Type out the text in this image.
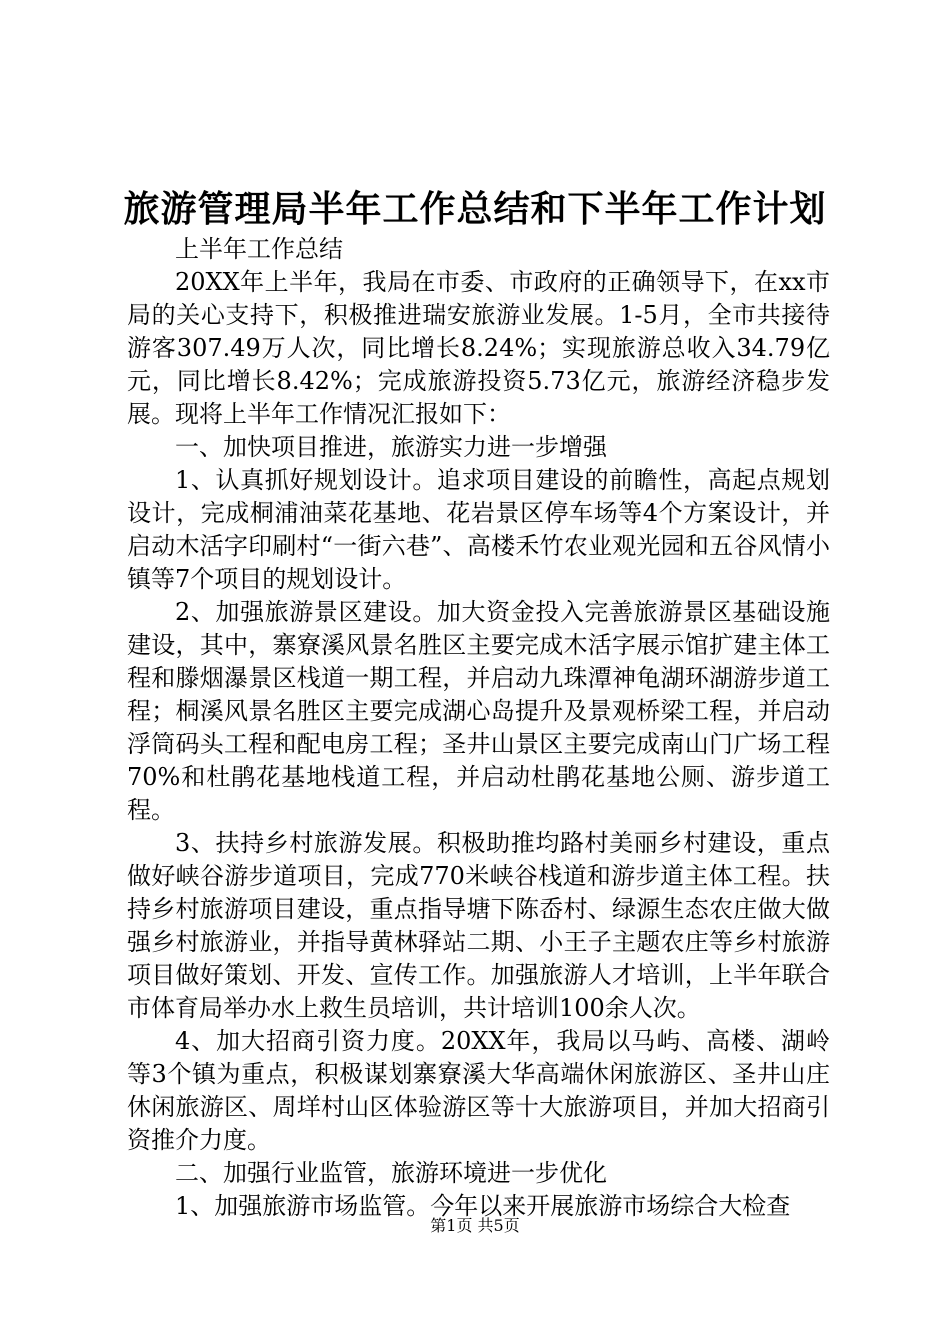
旅游管理局半年工作总结和下半年工作计划

上半年工作总结

20XX年上半年，我局在市委、市政府的正确领导下，在xx市局的关心支持下，积极推进瑞安旅游业发展。1-5月，全市共接待游客307.49万人次，同比增长8.24%；实现旅游总收入34.79亿元，同比增长8.42%；完成旅游投资5.73亿元，旅游经济稳步发展。现将上半年工作情况汇报如下：

一、加快项目推进，旅游实力进一步增强

1、认真抓好规划设计。追求项目建设的前瞻性，高起点规划设计，完成桐浦油菜花基地、花岩景区停车场等4个方案设计，并启动木活字印刷村“一街六巷”、高楼禾竹农业观光园和五谷风情小镇等7个项目的规划设计。

2、加强旅游景区建设。加大资金投入完善旅游景区基础设施建设，其中，寨寮溪风景名胜区主要完成木活字展示馆扩建主体工程和滕烟瀑景区栈道一期工程，并启动九珠潭神龟湖环湖游步道工程；桐溪风景名胜区主要完成湖心岛提升及景观桥梁工程，并启动浮筒码头工程和配电房工程；圣井山景区主要完成南山门广场工程70%和杜鹃花基地栈道工程，并启动杜鹃花基地公厕、游步道工程。

3、扶持乡村旅游发展。积极助推均路村美丽乡村建设，重点做好峡谷游步道项目，完成770米峡谷栈道和游步道主体工程。扶持乡村旅游项目建设，重点指导塘下陈岙村、绿源生态农庄做大做强乡村旅游业，并指导黄林驿站二期、小王子主题农庄等乡村旅游项目做好策划、开发、宣传工作。加强旅游人才培训，上半年联合市体育局举办水上救生员培训，共计培训100余人次。

4、加大招商引资力度。20XX年，我局以马屿、高楼、湖岭等3个镇为重点，积极谋划寨寮溪大华高端休闲旅游区、圣井山庄休闲旅游区、周垟村山区体验游区等十大旅游项目，并加大招商引资推介力度。

二、加强行业监管，旅游环境进一步优化

1、加强旅游市场监管。今年以来开展旅游市场综合大检查

第1页 共5页
